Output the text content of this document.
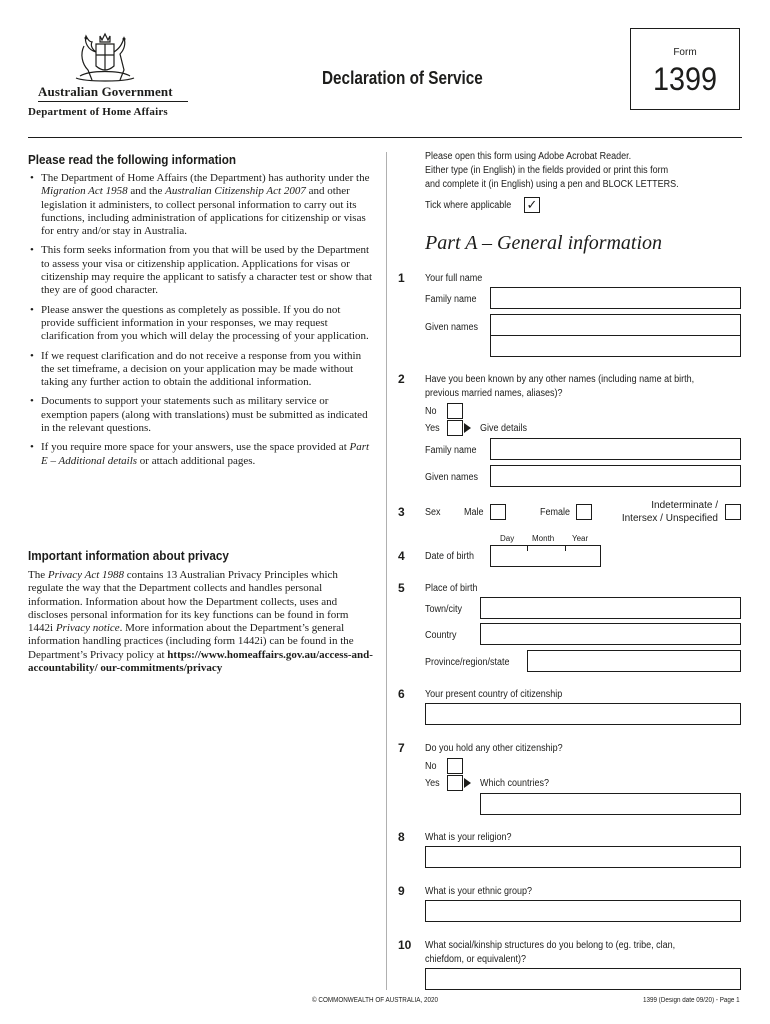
Australian Government
Department of Home Affairs
Declaration of Service
Form
1399
Please read the following information
• The Department of Home Affairs (the Department) has authority under the Migration Act 1958 and the Australian Citizenship Act 2007 and other legislation it administers, to collect personal information to carry out its functions, including administration of applications for citizenship or visas for entry and/or stay in Australia.
• This form seeks information from you that will be used by the Department to assess your visa or citizenship application. Applications for visas or citizenship may require the applicant to satisfy a character test or show that they are of good character.
• Please answer the questions as completely as possible. If you do not provide sufficient information in your responses, we may request clarification from you which will delay the processing of your application.
• If we request clarification and do not receive a response from you within the set timeframe, a decision on your application may be made without taking any further action to obtain the additional information.
• Documents to support your statements such as military service or exemption papers (along with translations) must be submitted as indicated in the relevant questions.
• If you require more space for your answers, use the space provided at Part E – Additional details or attach additional pages.
Important information about privacy
The Privacy Act 1988 contains 13 Australian Privacy Principles which regulate the way that the Department collects and handles personal information. Information about how the Department collects, uses and discloses personal information for its key functions can be found in form 1442i Privacy notice. More information about the Department’s general information handling practices (including form 1442i) can be found in the Department’s Privacy policy at https://www.homeaffairs.gov.au/access-and-accountability/ our-commitments/privacy
Please open this form using Adobe Acrobat Reader.
Either type (in English) in the fields provided or print this form
and complete it (in English) using a pen and BLOCK LETTERS.
Tick where applicable ✓
Part A – General information
1 Your full name
Family name
Given names
2 Have you been known by any other names (including name at birth,
previous married names, aliases)?
No
Yes	Give details
Family name
Given names
3 Sex Male	Female
Indeterminate /
Intersex / Unspecified
Day Month Year
4 Date of birth
5 Place of birth
Town/city
Country
Province/region/state
6 Your present country of citizenship
7 Do you hold any other citizenship?
No
Yes	Which countries?
8 What is your religion?
9 What is your ethnic group?
10 What social/kinship structures do you belong to (eg. tribe, clan,
chiefdom, or equivalent)?
© COMMONWEALTH OF AUSTRALIA, 2020	1399 (Design date 09/20) - Page 1
